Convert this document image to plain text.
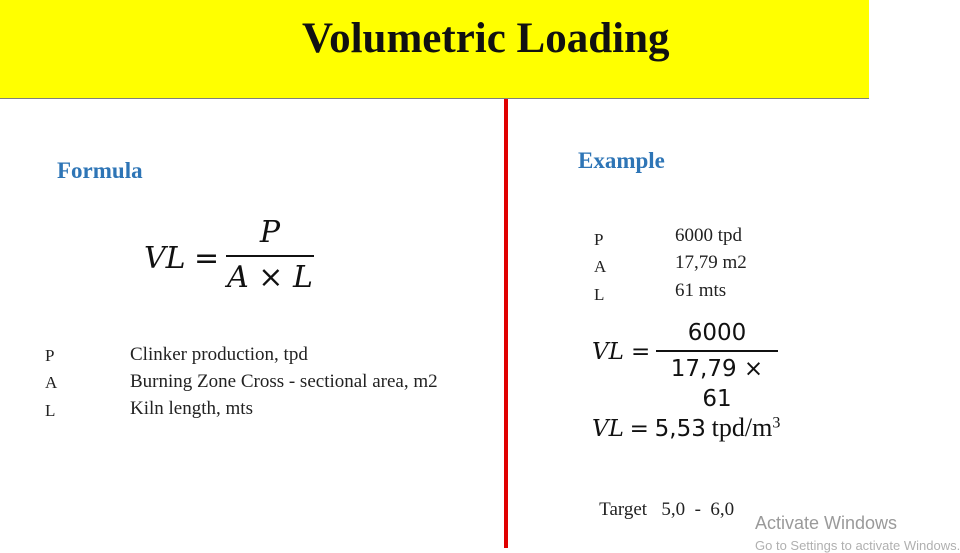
Volumetric Loading
Formula
VL =
P
A × L
P	Clinker production, tpd
A	Burning Zone Cross - sectional area, m2
L	Kiln length, mts
Example
P	6000 tpd
A	17,79 m2
L	61 mts
VL =
6000
17,79 × 61
VL = 5,53 tpd/$m^3$

Target 5,0  -  6,0

Activate Windows
Go to Settings to activate Windows.
